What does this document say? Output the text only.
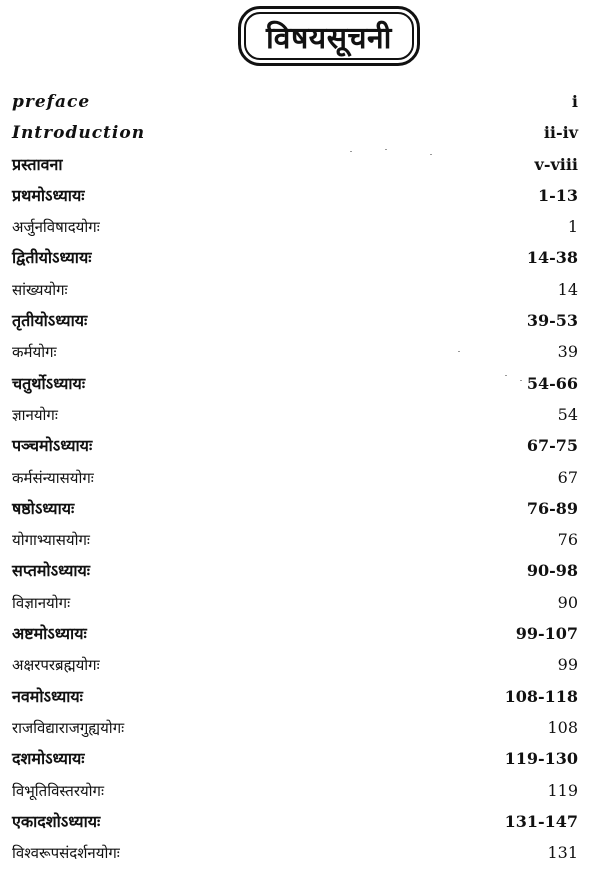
विषयसूचनी
preface	i
Introduction	ii-iv
प्रस्तावना	v-viii
प्रथमोऽध्यायः	1-13
अर्जुनविषादयोगः	1
द्वितीयोऽध्यायः	14-38
सांख्ययोगः	14
तृतीयोऽध्यायः	39-53
कर्मयोगः	39
चतुर्थोऽध्यायः	54-66
ज्ञानयोगः	54
पञ्चमोऽध्यायः	67-75
कर्मसंन्यासयोगः	67
षष्ठोऽध्यायः	76-89
योगाभ्यासयोगः	76
सप्तमोऽध्यायः	90-98
विज्ञानयोगः	90
अष्टमोऽध्यायः	99-107
अक्षरपरब्रह्मयोगः	99
नवमोऽध्यायः	108-118
राजविद्याराजगुह्ययोगः	108
दशमोऽध्यायः	119-130
विभूतिविस्तरयोगः	119
एकादशोऽध्यायः	131-147
विश्वरूपसंदर्शनयोगः	131
